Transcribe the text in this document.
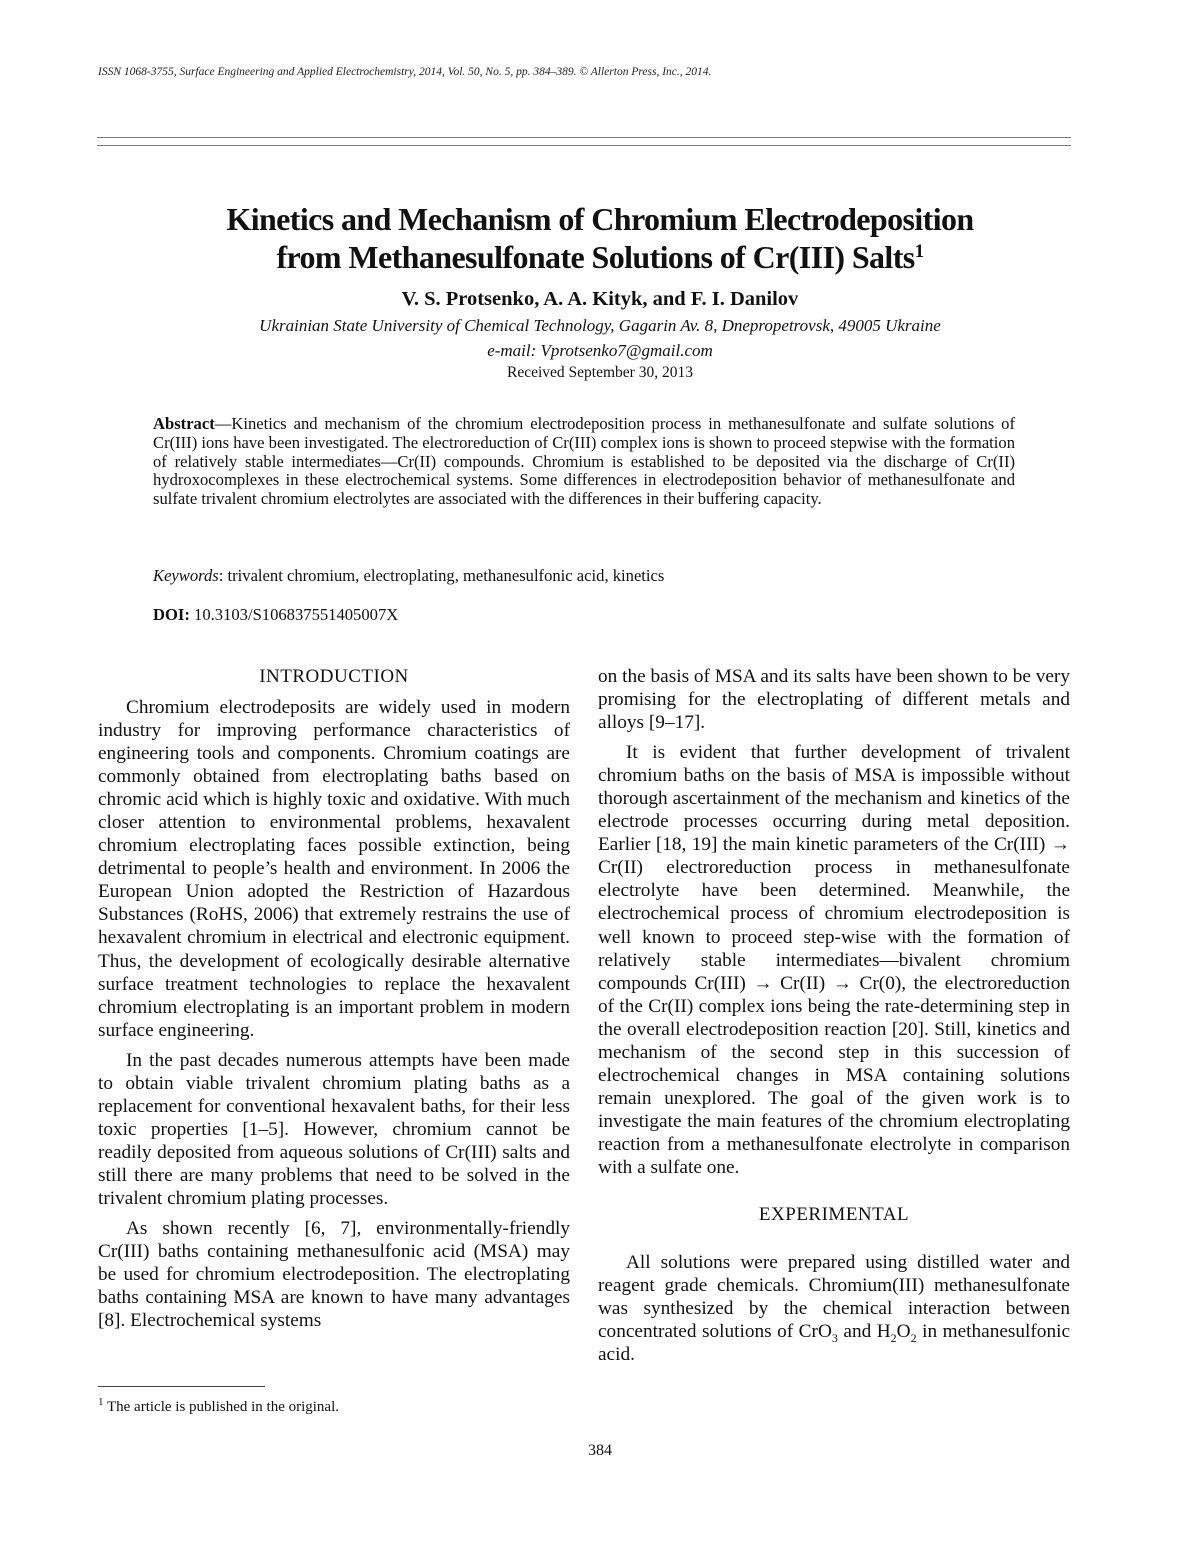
ISSN 1068-3755, Surface Engineering and Applied Electrochemistry, 2014, Vol. 50, No. 5, pp. 384–389. © Allerton Press, Inc., 2014.
Kinetics and Mechanism of Chromium Electrodeposition
from Methanesulfonate Solutions of Cr(III) Salts$^1$
V. S. Protsenko, A. A. Kityk, and F. I. Danilov
Ukrainian State University of Chemical Technology, Gagarin Av. 8, Dnepropetrovsk, 49005 Ukraine
e-mail: Vprotsenko7@gmail.com
Received September 30, 2013
Abstract—Kinetics and mechanism of the chromium electrodeposition process in methanesulfonate and sulfate solutions of Cr(III) ions have been investigated. The electroreduction of Cr(III) complex ions is shown to proceed stepwise with the formation of relatively stable intermediates—Cr(II) compounds. Chromium is established to be deposited via the discharge of Cr(II) hydroxocomplexes in these electrochemical systems. Some differences in electrodeposition behavior of methanesulfonate and sulfate trivalent chromium electrolytes are associated with the differences in their buffering capacity.
Keywords: trivalent chromium, electroplating, methanesulfonic acid, kinetics
DOI: 10.3103/S106837551405007X
INTRODUCTION

Chromium electrodeposits are widely used in modern industry for improving performance characteristics of engineering tools and components. Chromium coatings are commonly obtained from electroplating baths based on chromic acid which is highly toxic and oxidative. With much closer attention to environmental problems, hexavalent chromium electroplating faces possible extinction, being detrimental to people’s health and environment. In 2006 the European Union adopted the Restriction of Hazardous Substances (RoHS, 2006) that extremely restrains the use of hexavalent chromium in electrical and electronic equipment. Thus, the development of ecologically desirable alternative surface treatment technologies to replace the hexavalent chromium electroplating is an important problem in modern surface engineering.

In the past decades numerous attempts have been made to obtain viable trivalent chromium plating baths as a replacement for conventional hexavalent baths, for their less toxic properties [1–5]. However, chromium cannot be readily deposited from aqueous solutions of Cr(III) salts and still there are many problems that need to be solved in the trivalent chromium plating processes.

As shown recently [6, 7], environmentally-friendly Cr(III) baths containing methanesulfonic acid (MSA) may be used for chromium electrodeposition. The electroplating baths containing MSA are known to have many advantages [8]. Electrochemical systems

on the basis of MSA and its salts have been shown to be very promising for the electroplating of different metals and alloys [9–17].

It is evident that further development of trivalent chromium baths on the basis of MSA is impossible without thorough ascertainment of the mechanism and kinetics of the electrode processes occurring during metal deposition. Earlier [18, 19] the main kinetic parameters of the Cr(III) → Cr(II) electroreduction process in methanesulfonate electrolyte have been determined. Meanwhile, the electrochemical process of chromium electrodeposition is well known to proceed step-wise with the formation of relatively stable intermediates—bivalent chromium compounds Cr(III) → Cr(II) → Cr(0), the electroreduction of the Cr(II) complex ions being the rate-determining step in the overall electrodeposition reaction [20]. Still, kinetics and mechanism of the second step in this succession of electrochemical changes in MSA containing solutions remain unexplored. The goal of the given work is to investigate the main features of the chromium electroplating reaction from a methanesulfonate electrolyte in comparison with a sulfate one.

EXPERIMENTAL

All solutions were prepared using distilled water and reagent grade chemicals. Chromium(III) methanesulfonate was synthesized by the chemical interaction between concentrated solutions of CrO$_3$ and $H_2O_2$ in methanesulfonic acid.

$^1$ The article is published in the original.
384
